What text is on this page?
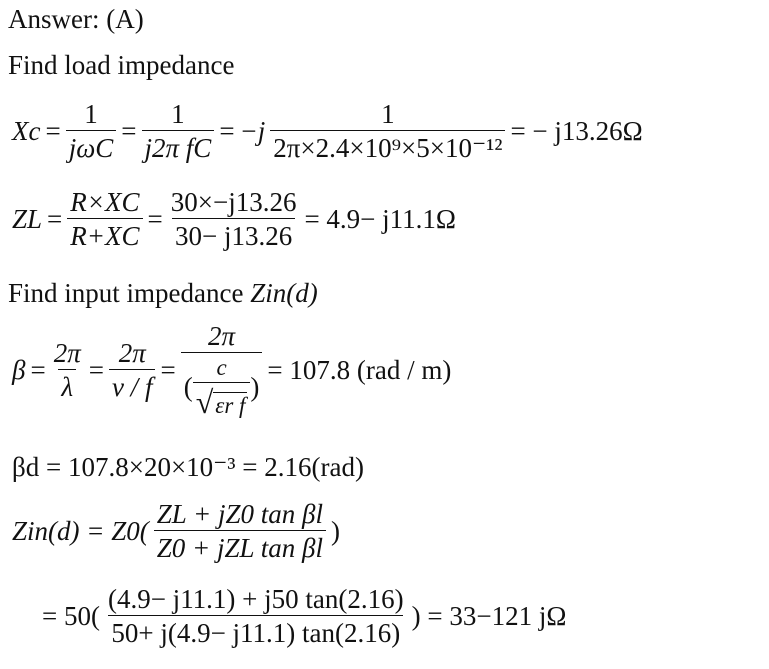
Answer: (A)
Find load impedance
$Xc = \frac{1}{\text{jωC}} = \frac{1}{\text{j2π fC}} = -j \frac{1}{\text{2π×2.4×10⁹×5×10⁻¹²}}$ = − j13.26Ω
ZL = $\frac{R\times XC}{R+XC} = \frac{30\times-j13.26}{30- j13.26} = 4.9- j11.1\Omega$
Find input impedance Zin(d)
$\beta = \frac{2\pi}{\lambda} = \frac{2\pi}{v / f}$ =
2π
( $\frac{c}{\text{√ εr f}}$ )
= 107.8 (rad / m)
βd = 107.8×20×10⁻³ = 2.16(rad)
$Zin(d) = Z0( \frac{\text{ZL + jZ0 tan βl}}{\text{Z0 + jZL tan βl}}$ )
= $50( \frac{(4.9- j11.1) + j50 \tan(2.16)}{50+ j(4.9- j11.1) \tan(2.16)}$ ) = 33−121 jΩ
